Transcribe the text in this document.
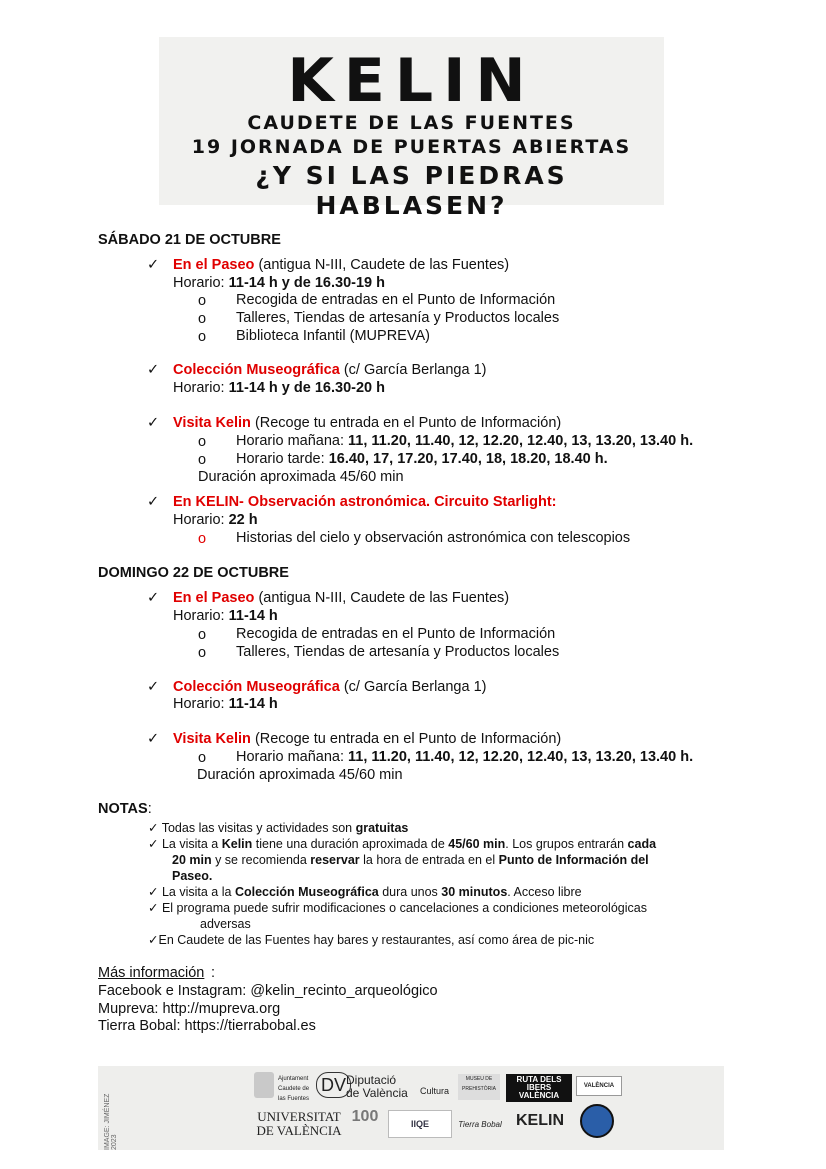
KELIN
CAUDETE DE LAS FUENTES
19 JORNADA DE PUERTAS ABIERTAS
¿Y SI LAS PIEDRAS HABLASEN?
SÁBADO 21 DE OCTUBRE
✓ En el Paseo (antigua N-III, Caudete de las Fuentes)
Horario: 11-14 h y de 16.30-19 h
o Recogida de entradas en el Punto de Información
o Talleres, Tiendas de artesanía y Productos locales
o Biblioteca Infantil (MUPREVA)
✓ Colección Museográfica (c/ García Berlanga 1)
Horario: 11-14 h y de 16.30-20 h
✓ Visita Kelin (Recoge tu entrada en el Punto de Información)
o Horario mañana: 11, 11.20, 11.40, 12, 12.20, 12.40, 13, 13.20, 13.40 h.
o Horario tarde: 16.40, 17, 17.20, 17.40, 18, 18.20, 18.40 h.
Duración aproximada 45/60 min
✓ En KELIN- Observación astronómica. Circuito Starlight:
Horario: 22 h
o Historias del cielo y observación astronómica con telescopios
DOMINGO 22 DE OCTUBRE
✓ En el Paseo (antigua N-III, Caudete de las Fuentes)
Horario: 11-14 h
o Recogida de entradas en el Punto de Información
o Talleres, Tiendas de artesanía y Productos locales
✓ Colección Museográfica (c/ García Berlanga 1)
Horario: 11-14 h
✓ Visita Kelin (Recoge tu entrada en el Punto de Información)
o Horario mañana: 11, 11.20, 11.40, 12, 12.20, 12.40, 13, 13.20, 13.40 h.
Duración aproximada 45/60 min
NOTAS:
✓ Todas las visitas y actividades son gratuitas
✓ La visita a Kelin tiene una duración aproximada de 45/60 min. Los grupos entrarán cada
20 min y se recomienda reservar la hora de entrada en el Punto de Información del
Paseo.
✓ La visita a la Colección Museográfica dura unos 30 minutos. Acceso libre
✓ El programa puede sufrir modificaciones o cancelaciones a condiciones meteorológicas
adversas
✓En Caudete de las Fuentes hay bares y restaurantes, así como área de pic-nic
Más información :
Facebook e Instagram: @kelin_recinto_arqueológico
Mupreva: http://mupreva.org
Tierra Bobal: https://tierrabobal.es
IMAGE: JIMÉNEZ 2023
Ajuntament Caudete de las Fuentes
DV Diputació de València Cultura
MUSEU DE PREHISTÒRIA
RUTA DELS IBERS VALÈNCIA
VALÈNCIA
UNIVERSITAT
DE VALÈNCIA
100	IIQE	Tierra Bobal KELIN
